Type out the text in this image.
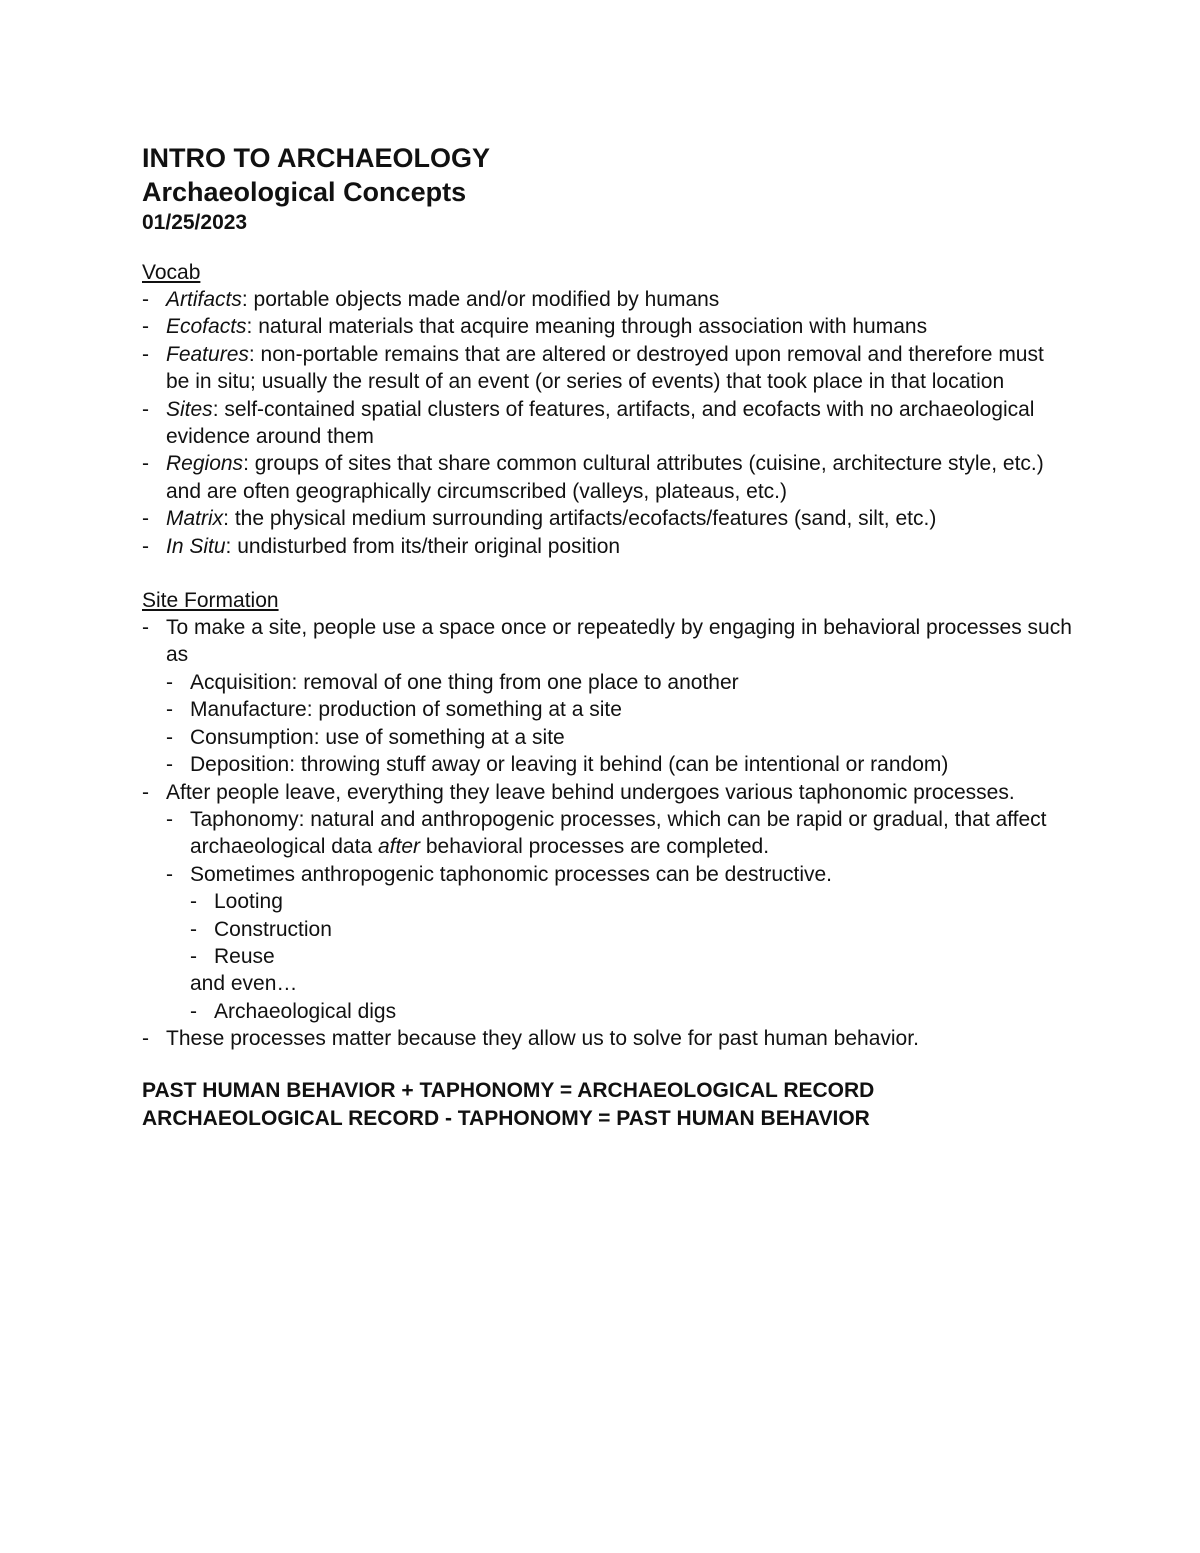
INTRO TO ARCHAEOLOGY

Archaeological Concepts

01/25/2023

Vocab

- Artifacts: portable objects made and/or modified by humans
- Ecofacts: natural materials that acquire meaning through association with humans
- Features: non-portable remains that are altered or destroyed upon removal and therefore must be in situ; usually the result of an event (or series of events) that took place in that location
- Sites: self-contained spatial clusters of features, artifacts, and ecofacts with no archaeological evidence around them
- Regions: groups of sites that share common cultural attributes (cuisine, architecture style, etc.) and are often geographically circumscribed (valleys, plateaus, etc.)
- Matrix: the physical medium surrounding artifacts/ecofacts/features (sand, silt, etc.)
- In Situ: undisturbed from its/their original position

Site Formation

- To make a site, people use a space once or repeatedly by engaging in behavioral processes such as
- Acquisition: removal of one thing from one place to another
- Manufacture: production of something at a site
- Consumption: use of something at a site
- Deposition: throwing stuff away or leaving it behind (can be intentional or random)
- After people leave, everything they leave behind undergoes various taphonomic processes.
- Taphonomy: natural and anthropogenic processes, which can be rapid or gradual, that affect archaeological data after behavioral processes are completed.
- Sometimes anthropogenic taphonomic processes can be destructive.
- Looting
- Construction
- Reuse
and even…
- Archaeological digs
- These processes matter because they allow us to solve for past human behavior.

PAST HUMAN BEHAVIOR + TAPHONOMY = ARCHAEOLOGICAL RECORD

ARCHAEOLOGICAL RECORD - TAPHONOMY = PAST HUMAN BEHAVIOR
